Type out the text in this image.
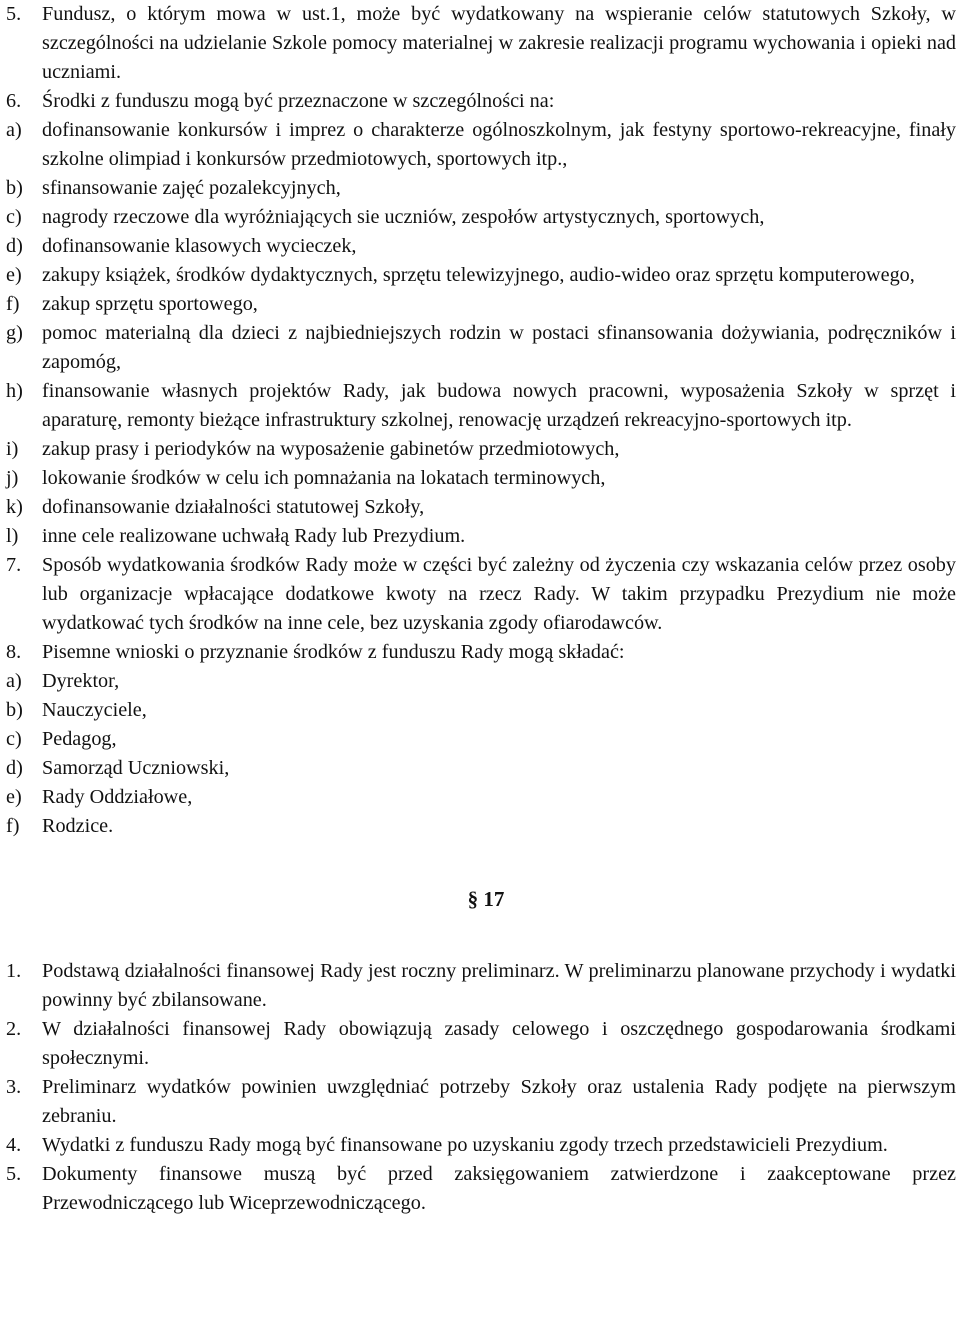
5.	Fundusz, o którym mowa w ust.1, może być wydatkowany na wspieranie celów statutowych Szkoły, w szczególności na udzielanie Szkole pomocy materialnej w zakresie realizacji programu wychowania i opieki nad uczniami.
6.	Środki z funduszu mogą być przeznaczone w szczególności na:
a)	dofinansowanie konkursów i imprez o charakterze ogólnoszkolnym, jak festyny sportowo-rekreacyjne, finały szkolne olimpiad i konkursów przedmiotowych, sportowych itp.,
b) sfinansowanie zajęć pozalekcyjnych,
c)	nagrody rzeczowe dla wyróżniających sie uczniów, zespołów artystycznych, sportowych,
d) dofinansowanie klasowych wycieczek,
e)	zakupy książek, środków dydaktycznych, sprzętu telewizyjnego, audio-wideo oraz sprzętu komputerowego,
f)	zakup sprzętu sportowego,
g) pomoc materialną dla dzieci z najbiedniejszych rodzin w postaci sfinansowania dożywiania, podręczników i zapomóg,
h) finansowanie własnych projektów Rady, jak budowa nowych pracowni, wyposażenia Szkoły w sprzęt i aparaturę, remonty bieżące infrastruktury szkolnej, renowację urządzeń rekreacyjno-sportowych itp.
i)	zakup prasy i periodyków na wyposażenie gabinetów przedmiotowych,
j)	lokowanie środków w celu ich pomnażania na lokatach terminowych,
k) dofinansowanie działalności statutowej Szkoły,
l)	inne cele realizowane uchwałą Rady lub Prezydium.
7.	Sposób wydatkowania środków Rady może w części być zależny od życzenia czy wskazania celów przez osoby lub organizacje wpłacające dodatkowe kwoty na rzecz Rady. W takim przypadku Prezydium nie może wydatkować tych środków na inne cele, bez uzyskania zgody ofiarodawców.
8.	Pisemne wnioski o przyznanie środków z funduszu Rady mogą składać:
a)	Dyrektor,
b) Nauczyciele,
c)	Pedagog,
d) Samorząd Uczniowski,
e)	Rady Oddziałowe,
f)	Rodzice.
§ 17
1.	Podstawą działalności finansowej Rady jest roczny preliminarz. W preliminarzu planowane przychody i wydatki powinny być zbilansowane.
2.	W działalności finansowej Rady obowiązują zasady celowego i oszczędnego gospodarowania środkami społecznymi.
3.	Preliminarz wydatków powinien uwzględniać potrzeby Szkoły oraz ustalenia Rady podjęte na pierwszym zebraniu.
4.	Wydatki z funduszu Rady mogą być finansowane po uzyskaniu zgody trzech przedstawicieli Prezydium.
5.	Dokumenty finansowe muszą być przed zaksięgowaniem zatwierdzone i zaakceptowane przez Przewodniczącego lub Wiceprzewodniczącego.
